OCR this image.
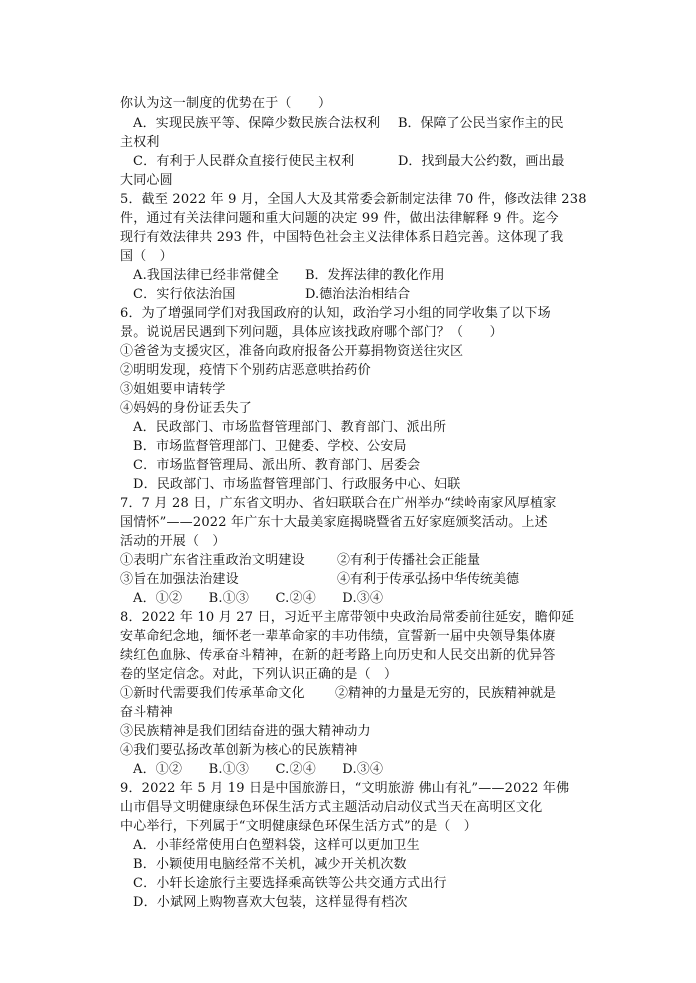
你认为这一制度的优势在于（　　）
A．实现民族平等、保障少数民族合法权利 B．保障了公民当家作主的民
主权利
C．有利于人民群众直接行使民主权利	D．找到最大公约数，画出最
大同心圆
5．截至 2022 年 9 月，全国人大及其常委会新制定法律 70 件，修改法律 238
件，通过有关法律问题和重大问题的决定 99 件，做出法律解释 9 件。迄今
现行有效法律共 293 件，中国特色社会主义法律体系日趋完善。这体现了我
国（　）
A.我国法律已经非常健全 B．发挥法律的教化作用
C．实行依法治国	D.德治法治相结合
6．为了增强同学们对我国政府的认知，政治学习小组的同学收集了以下场
景。说说居民遇到下列问题，具体应该找政府哪个部门？（　　）
①爸爸为支援灾区，准备向政府报备公开募捐物资送往灾区
②明明发现，疫情下个别药店恶意哄抬药价
③姐姐要申请转学
④妈妈的身份证丢失了
A．民政部门、市场监督管理部门、教育部门、派出所
B．市场监督管理部门、卫健委、学校、公安局
C．市场监督管理局、派出所、教育部门、居委会
D．民政部门、市场监督管理部门、行政服务中心、妇联
7．7 月 28 日，广东省文明办、省妇联联合在广州举办“续岭南家风厚植家
国情怀”——2022 年广东十大最美家庭揭晓暨省五好家庭颁奖活动。上述
活动的开展（　）
①表明广东省注重政治文明建设 ②有利于传播社会正能量
③旨在加强法治建设	④有利于传承弘扬中华传统美德
A．①②　　B.①③　　C.②④　　D.③④
8．2022 年 10 月 27 日，习近平主席带领中央政治局常委前往延安，瞻仰延
安革命纪念地，缅怀老一辈革命家的丰功伟绩，宣誓新一届中央领导集体赓
续红色血脉、传承奋斗精神，在新的赶考路上向历史和人民交出新的优异答
卷的坚定信念。对此，下列认识正确的是（　）
①新时代需要我们传承革命文化 ②精神的力量是无穷的，民族精神就是
奋斗精神
③民族精神是我们团结奋进的强大精神动力
④我们要弘扬改革创新为核心的民族精神
A．①②　　B.①③　　C.②④　　D.③④
9．2022 年 5 月 19 日是中国旅游日，“文明旅游 佛山有礼”——2022 年佛
山市倡导文明健康绿色环保生活方式主题活动启动仪式当天在高明区文化
中心举行，下列属于“文明健康绿色环保生活方式”的是（　）
A．小菲经常使用白色塑料袋，这样可以更加卫生
B．小颖使用电脑经常不关机，减少开关机次数
C．小轩长途旅行主要选择乘高铁等公共交通方式出行
D．小斌网上购物喜欢大包装，这样显得有档次
